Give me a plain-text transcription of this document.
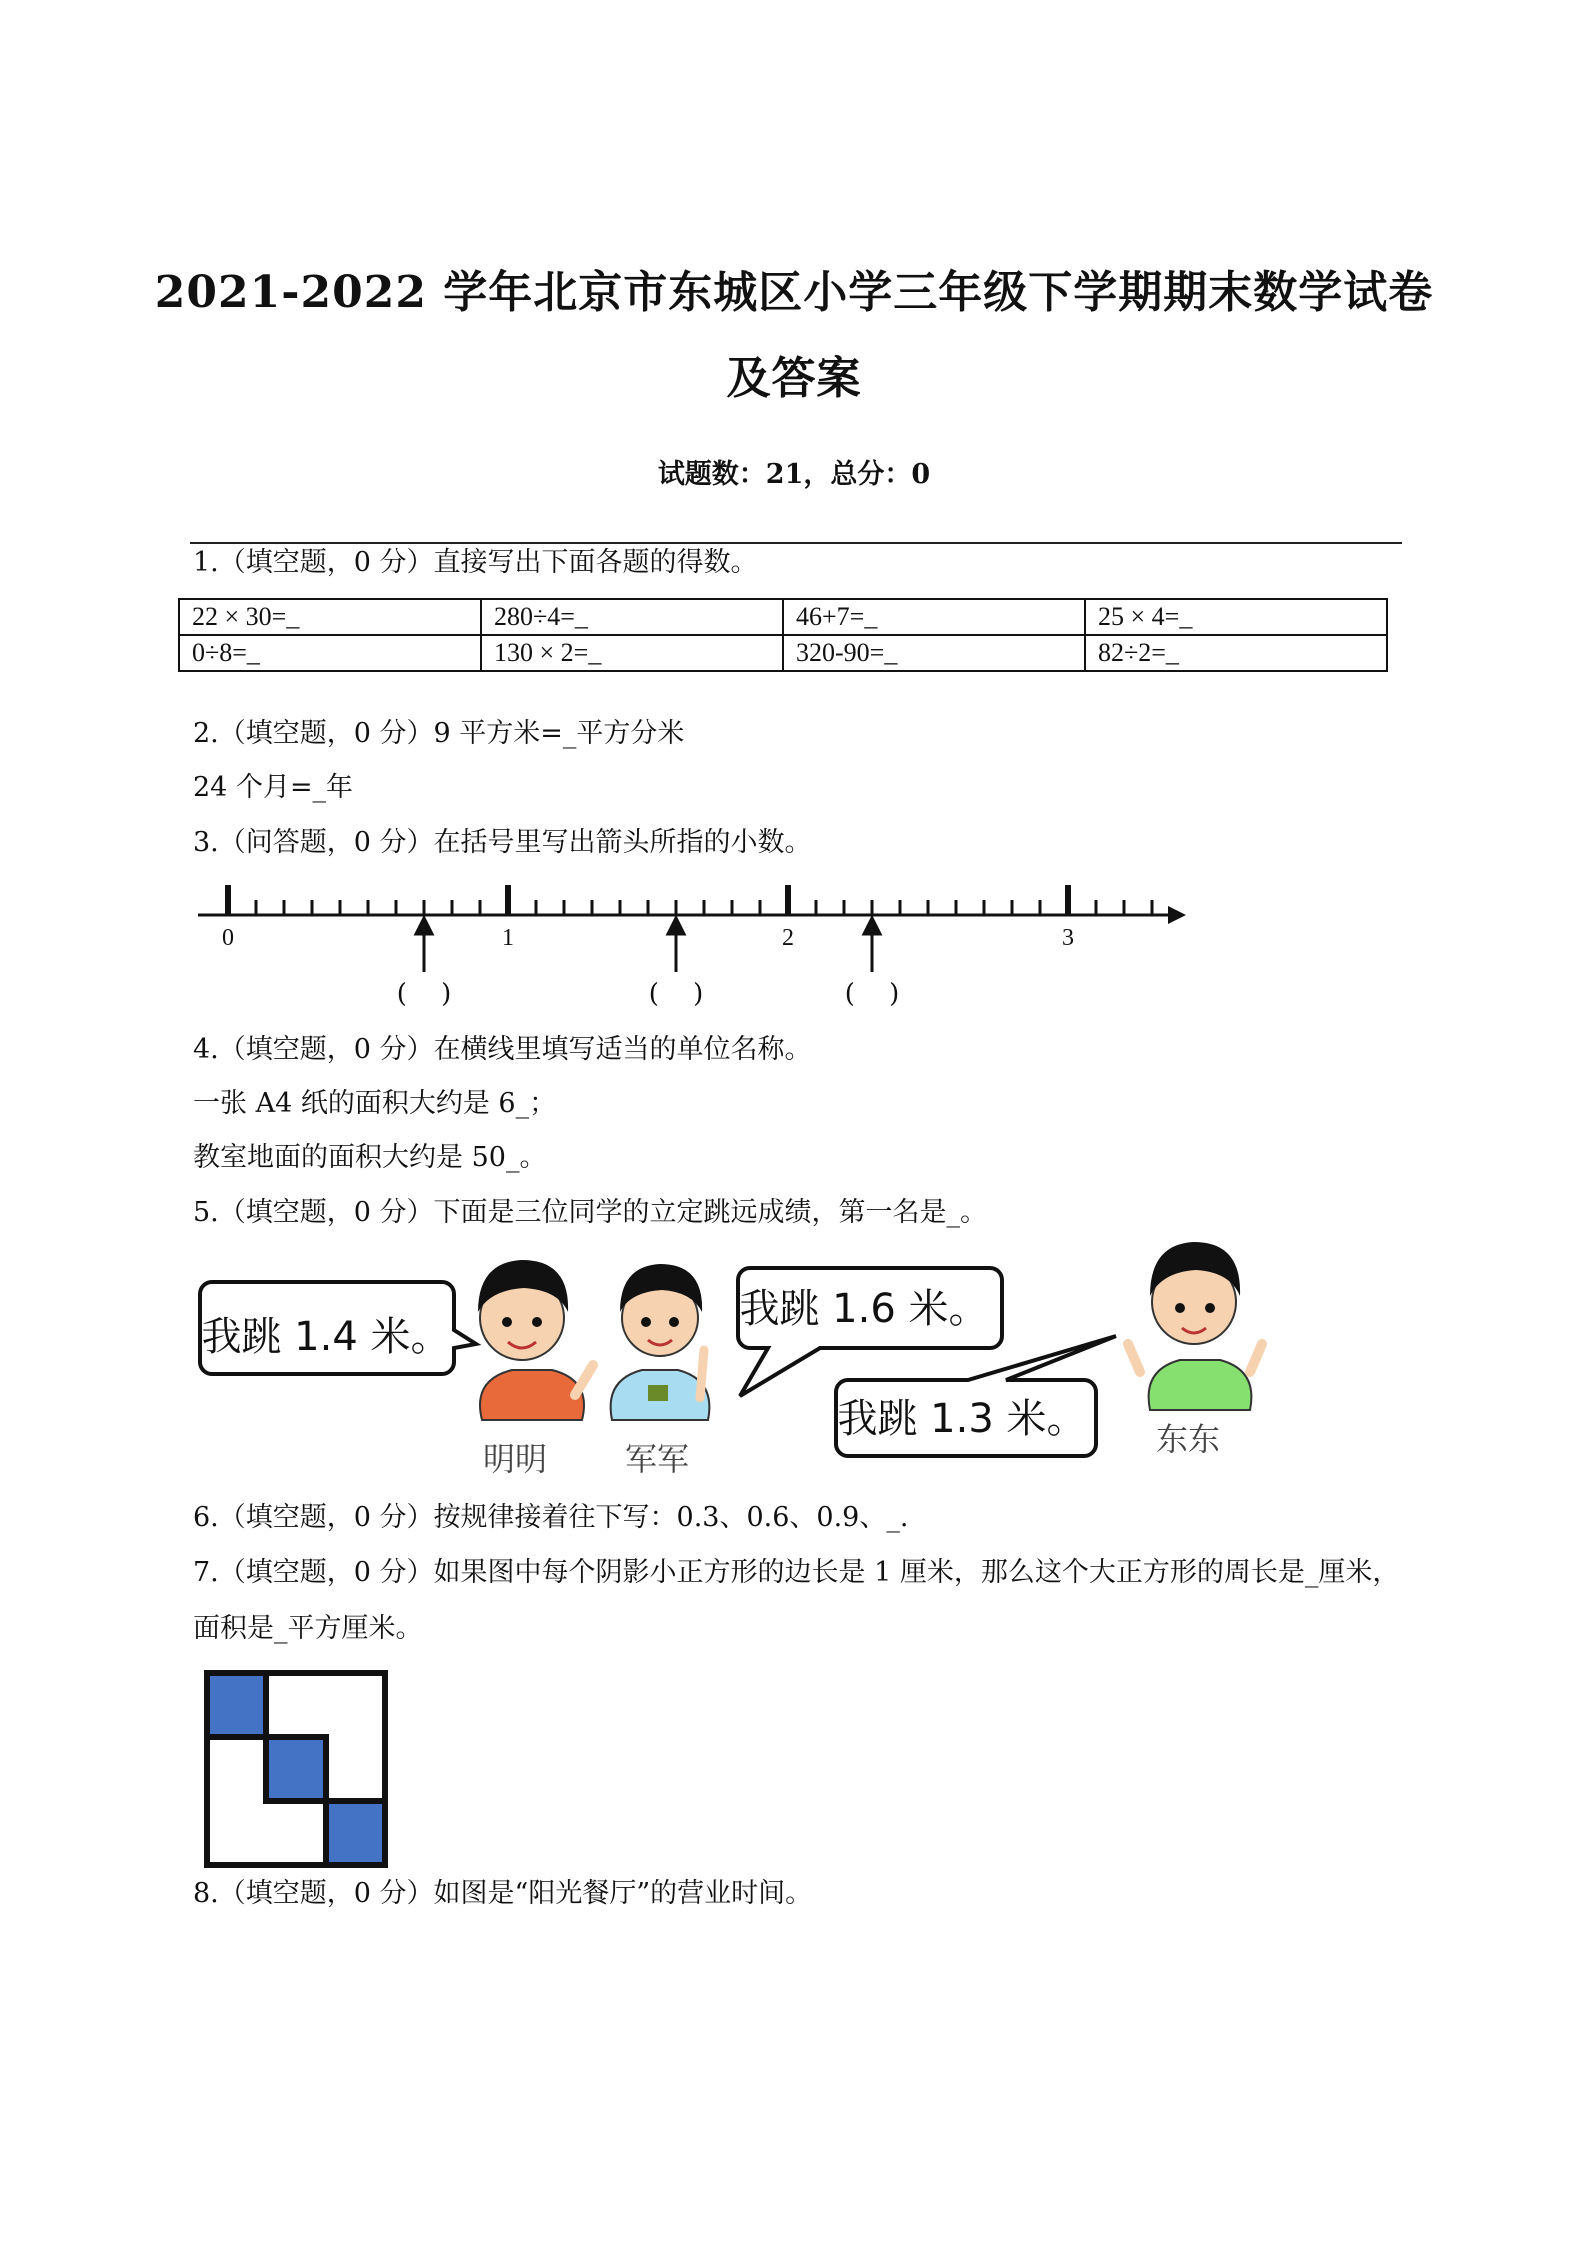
2021-2022 学年北京市东城区小学三年级下学期期末数学试卷及答案
试题数：21，总分：0
1.（填空题，0 分）直接写出下面各题的得数。
22 × 30=_	280÷4=_	46+7=_	25 × 4=_
0÷8=_	130 × 2=_	320-90=_	82÷2=_
2.（填空题，0 分）9 平方米=_平方分米
24 个月=_年
3.（问答题，0 分）在括号里写出箭头所指的小数。
0	1	2	3
(　 )	(　 )	(　 )
4.（填空题，0 分）在横线里填写适当的单位名称。
一张 A4 纸的面积大约是 6_；
教室地面的面积大约是 50_。
5.（填空题，0 分）下面是三位同学的立定跳远成绩，第一名是_。
我跳 1.4 米。
我跳 1.6 米。
我跳 1.3 米。
明明 军军
东东
6.（填空题，0 分）按规律接着往下写：0.3、0.6、0.9、_.
7.（填空题，0 分）如果图中每个阴影小正方形的边长是 1 厘米，那么这个大正方形的周长是_厘米，面积是_平方厘米。
8.（填空题，0 分）如图是“阳光餐厅”的营业时间。
